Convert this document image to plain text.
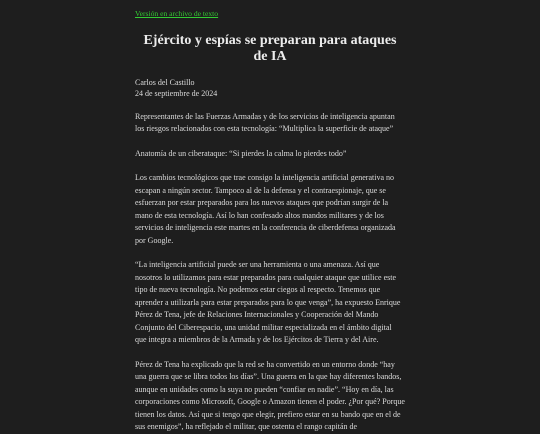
Versión en archivo de texto
Ejército y espías se preparan para ataques de IA
Carlos del Castillo
24 de septiembre de 2024

Representantes de las Fuerzas Armadas y de los servicios de inteligencia apuntan los riesgos relacionados con esta tecnología: “Multiplica la superficie de ataque”

Anatomía de un ciberataque: “Si pierdes la calma lo pierdes todo”

Los cambios tecnológicos que trae consigo la inteligencia artificial generativa no escapan a ningún sector. Tampoco al de la defensa y el contraespionaje, que se esfuerzan por estar preparados para los nuevos ataques que podrían surgir de la mano de esta tecnología. Así lo han confesado altos mandos militares y de los servicios de inteligencia este martes en la conferencia de ciberdefensa organizada por Google.

“La inteligencia artificial puede ser una herramienta o una amenaza. Así que nosotros lo utilizamos para estar preparados para cualquier ataque que utilice este tipo de nueva tecnología. No podemos estar ciegos al respecto. Tenemos que aprender a utilizarla para estar preparados para lo que venga”, ha expuesto Enrique Pérez de Tena, jefe de Relaciones Internacionales y Cooperación del Mando Conjunto del Ciberespacio, una unidad militar especializada en el ámbito digital que integra a miembros de la Armada y de los Ejércitos de Tierra y del Aire.

Pérez de Tena ha explicado que la red se ha convertido en un entorno donde “hay una guerra que se libra todos los días”. Una guerra en la que hay diferentes bandos, aunque en unidades como la suya no pueden “confiar en nadie”. “Hoy en día, las corporaciones como Microsoft, Google o Amazon tienen el poder. ¿Por qué? Porque tienen los datos. Así que si tengo que elegir, prefiero estar en su bando que en el de sus enemigos”, ha reflejado el militar, que ostenta el rango capitán de
